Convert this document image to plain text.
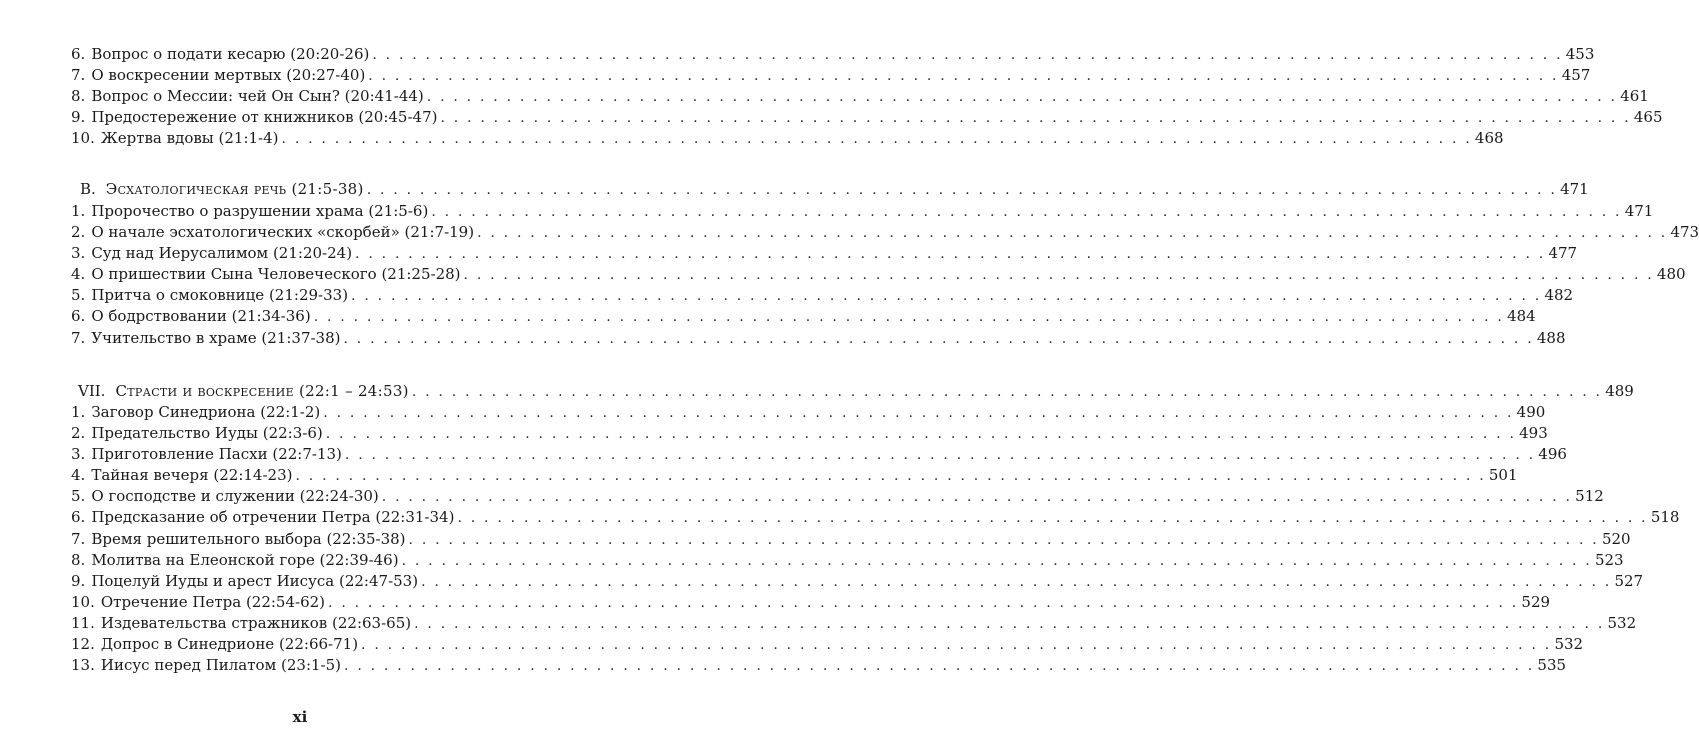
6. Вопрос о подати кесарю (20:20-26) . . .	453
7. О воскресении мертвых (20:27-40) . . .	457
8. Вопрос о Мессии: чей Он Сын? (20:41-44) . . .	461
9. Предостережение от книжников (20:45-47) . . .	465
10. Жертва вдовы (21:1-4) . . .	468
B. Эсхатологическая речь (21:5-38) . . .	471
1. Пророчество о разрушении храма (21:5-6) . . .	471
2. О начале эсхатологических «скорбей» (21:7-19) . . .	473
3. Суд над Иерусалимом (21:20-24) . . .	477
4. О пришествии Сына Человеческого (21:25-28) . . .	480
5. Притча о смоковнице (21:29-33) . . .	482
6. О бодрствовании (21:34-36) . . .	484
7. Учительство в храме (21:37-38) . . .	488
VII. Страсти и воскресение (22:1 – 24:53) . . .	489
1. Заговор Синедриона (22:1-2) . . .	490
2. Предательство Иуды (22:3-6) . . .	493
3. Приготовление Пасхи (22:7-13) . . .	496
4. Тайная вечеря (22:14-23) . . .	501
5. О господстве и служении (22:24-30) . . .	512
6. Предсказание об отречении Петра (22:31-34) . . .	518
7. Время решительного выбора (22:35-38) . . .	520
8. Молитва на Елеонской горе (22:39-46) . . .	523
9. Поцелуй Иуды и арест Иисуса (22:47-53) . . .	527
10. Отречение Петра (22:54-62) . . .	529
11. Издевательства стражников (22:63-65) . . .	532
12. Допрос в Синедрионе (22:66-71) . . .	532
13. Иисус перед Пилатом (23:1-5) . . .	535
xi
